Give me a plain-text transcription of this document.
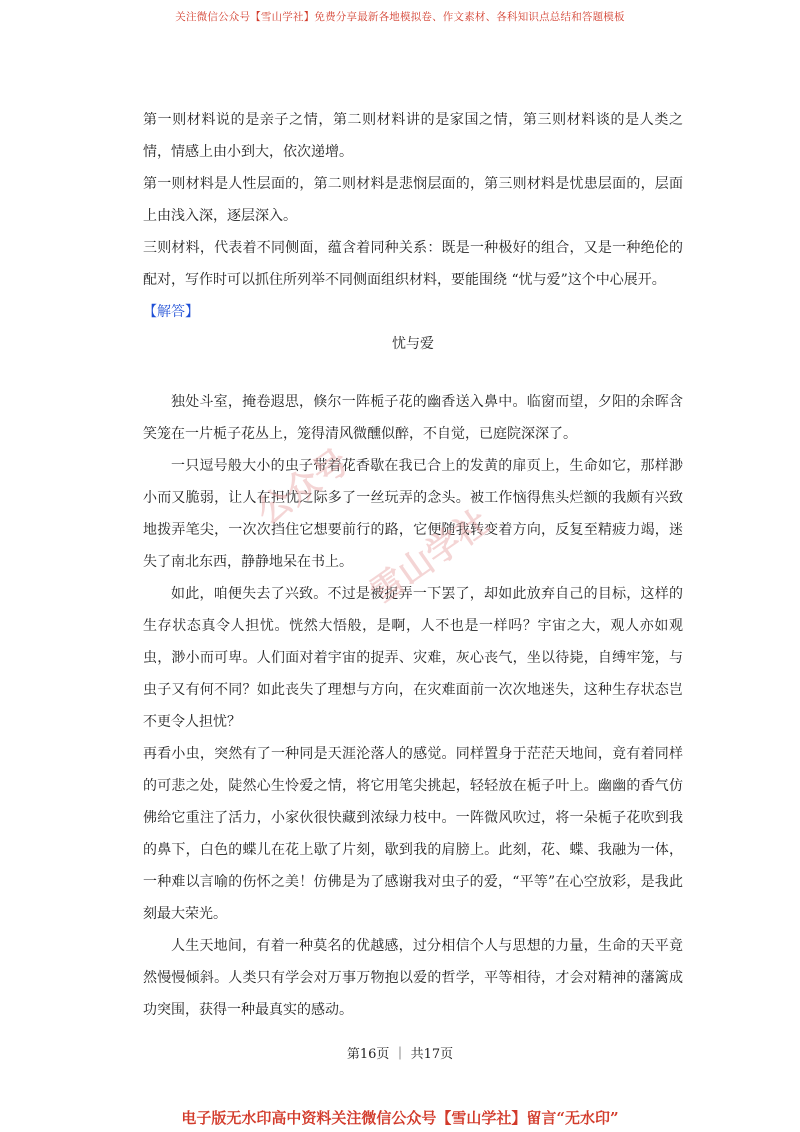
关注微信公众号【雪山学社】免费分享最新各地模拟卷、作文素材、各科知识点总结和答题模板

第一则材料说的是亲子之情，第二则材料讲的是家国之情，第三则材料谈的是人类之情，情感上由小到大，依次递增。

第一则材料是人性层面的，第二则材料是悲悯层面的，第三则材料是忧患层面的，层面上由浅入深，逐层深入。

三则材料，代表着不同侧面，蕴含着同种关系：既是一种极好的组合，又是一种绝伦的配对，写作时可以抓住所列举不同侧面组织材料，要能围绕 “忧与爱”这个中心展开。

【解答】

忧与爱

独处斗室，掩卷遐思，倏尔一阵栀子花的幽香送入鼻中。临窗而望，夕阳的余晖含笑笼在一片栀子花丛上，笼得清风微醺似醉，不自觉，已庭院深深了。

一只逗号般大小的虫子带着花香歇在我已合上的发黄的扉页上，生命如它，那样渺小而又脆弱，让人在担忧之际多了一丝玩弄的念头。被工作恼得焦头烂额的我颇有兴致地拨弄笔尖，一次次挡住它想要前行的路，它便随我转变着方向，反复至精疲力竭，迷失了南北东西，静静地呆在书上。

如此，咱便失去了兴致。不过是被捉弄一下罢了，却如此放弃自己的目标，这样的生存状态真令人担忧。恍然大悟般，是啊，人不也是一样吗？宇宙之大，观人亦如观虫，渺小而可卑。人们面对着宇宙的捉弄、灾难，灰心丧气，坐以待毙，自缚牢笼，与虫子又有何不同？如此丧失了理想与方向，在灾难面前一次次地迷失，这种生存状态岂不更令人担忧？

再看小虫，突然有了一种同是天涯沦落人的感觉。同样置身于茫茫天地间，竟有着同样的可悲之处，陡然心生怜爱之情，将它用笔尖挑起，轻轻放在栀子叶上。幽幽的香气仿佛给它重注了活力，小家伙很快藏到浓绿力枝中。一阵微风吹过，将一朵栀子花吹到我的鼻下，白色的蝶儿在花上歇了片刻，歇到我的肩膀上。此刻，花、蝶、我融为一体，一种难以言喻的伤怀之美！仿佛是为了感谢我对虫子的爱，“平等”在心空放彩，是我此刻最大荣光。

人生天地间，有着一种莫名的优越感，过分相信个人与思想的力量，生命的天平竟然慢慢倾斜。人类只有学会对万事万物抱以爱的哲学，平等相待，才会对精神的藩篱成功突围，获得一种最真实的感动。

公众号
雪山学社
第16页 ｜ 共17页
电子版无水印高中资料关注微信公众号【雪山学社】留言“无水印”
